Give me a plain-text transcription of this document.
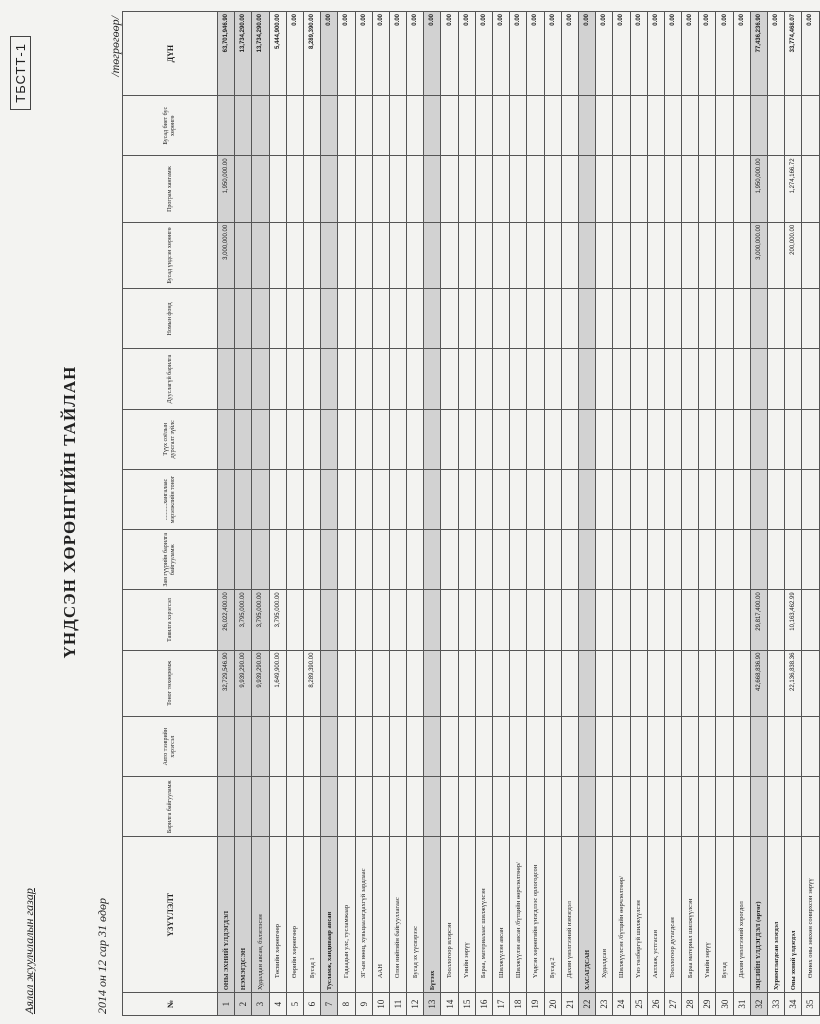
ТБСТТ-1
Аялал жуулчлалын газар
ҮНДСЭН ХӨРӨНГИЙН ТАЙЛАН
2014 он 12 сар 31 өдөр
/төгрөгөөр/
№	ҮЗҮҮЛЭЛТ	Барилга байгууламж	Авто тээврийн хэрэгсэл	Тоног төхөөрөмж	Тавилга хэрэгсэл	Зам гүүрийн барилга байгууламж	...........хангалаас мэрэлжлийн тоног	Түүх соёлын дурсгалт зүйлс	Дууслагүй барилга	Номын фонд	Бусад үндсэн хөрөнгө	Програм хангамж	Бусад биет бус хөрөнгө	ДҮН
1	ОНЫ ЭХНИЙ ҮЛДЭГДЭЛ			32,729,546.90	26,022,400.00						3,000,000.00	1,950,000.00		63,701,946.90
2	НЭМЭГДСЭН			9,939,290.00	3,795,000.00									13,734,290.00
3	Худалдан авсан, бэлэглэсэн			9,939,290.00	3,795,000.00									13,734,290.00
4	Төсвийн хөрөнгөөр			1,649,900.00	3,795,000.00									5,444,900.00
5	Өөрийн хөрөнгөөр													0.00
6	Бусад 1			8,289,390.00										8,289,390.00
7	Тусламж, хандиваар авсан													0.00
8	Гадаадын улс, тусламжаар													0.00
9	ЗГ-ын нөөц, хувьцаалагдахгүй зардлаас													0.00
10	ААН													0.00
11	Олон нийтийн байгууллагаас													0.00
12	Бусад эх үүсвэрээс													0.00
13	Бүтээх													0.00
14	Тооллогоор илэрсэн													0.00
15	Үнийн зөрүү													0.00
16	Бараа, материалаас шилжүүлсэн													0.00
17	Шилжүүлэн авсан													0.00
18	Шилжүүлэн авсан /бүтцийн өөрчлөлтөөр/													0.00
19	Үндсэн хөрөнгийн үнэгдлээс орлогодсон													0.00
20	Бусад 2													0.00
21	Дахин үнэлгээний нэмэгдэл													0.00
22	ХАСАГДСАН													0.00
23	Худалдсан													0.00
24	Шилжүүлсэн /бүтцийн өөрчлөлтөөр/													0.00
25	Үнэ төлбөргүй шилжүүлсэн													0.00
26	Актлаж, устгасан													0.00
27	Тооллогоор дутагдсан													0.00
28	Бараа материал шилжүүлсэн													0.00
29	Үнийн зөрүү													0.00
30	Бусад													0.00
31	Дахин үнэлгээний хорогдол													0.00
32	ЭЦСИЙН ҮЛДЭГДЭЛ (өртөг)			42,668,836.90	29,817,400.00						3,000,000.00	1,950,000.00		77,436,236.90
33	Хуримтлагдсан элэгдэл													0.00
34	Оны эхний үлдэгдэл			22,136,838.36	10,163,462.99						200,000.00	1,274,166.72		33,774,468.07
35	Өмнөх оны зөвхөн сонирхсон зөрүү													0.00
